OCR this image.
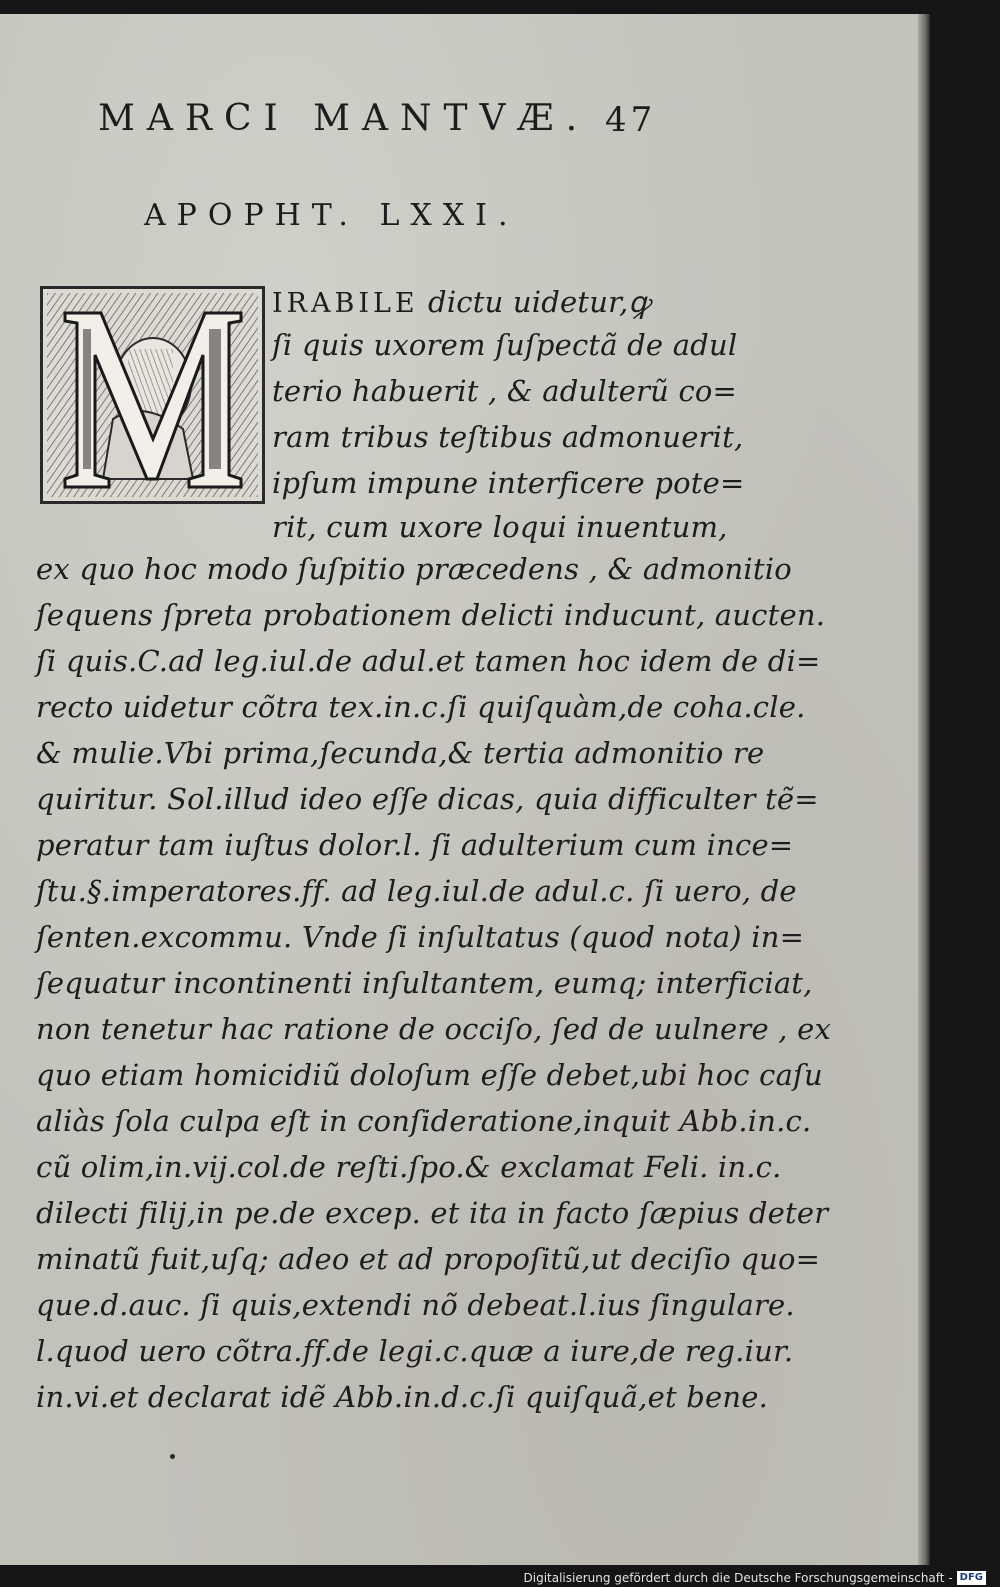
MARCI MANTVÆ. 47
APOPHT. LXXI.
IRABILE dictu uidetur,ꝙ
ſi quis uxorem ſuſpectã de adul
terio habuerit , & adulterũ co=
ram tribus teſtibus admonuerit,
ipſum impune interficere pote=
rit, cum uxore loqui inuentum,
ex quo hoc modo ſuſpitio præcedens , & admonitio
ſequens ſpreta probationem delicti inducunt, aucten.
ſi quis.C.ad leg.iul.de adul.et tamen hoc idem de di=
recto uidetur cõtra tex.in.c.ſi quiſquàm,de coha.cle.
& mulie.Vbi prima,ſecunda,& tertia admonitio re
quiritur. Sol.illud ideo eſſe dicas, quia difficulter tẽ=
peratur tam iuſtus dolor.l. ſi adulterium cum ince=
ſtu.§.imperatores.ff. ad leg.iul.de adul.c. ſi uero, de
ſenten.excommu. Vnde ſi inſultatus (quod nota) in=
ſequatur incontinenti inſultantem, eumq; interficiat,
non tenetur hac ratione de occiſo, ſed de uulnere , ex
quo etiam homicidiũ doloſum eſſe debet,ubi hoc caſu
aliàs ſola culpa eſt in conſideratione,inquit Abb.in.c.
cũ olim,in.vij.col.de reſti.ſpo.& exclamat Feli. in.c.
dilecti filij,in pe.de excep. et ita in facto ſæpius deter
minatũ fuit,uſq; adeo et ad propoſitũ,ut deciſio quo=
que.d.auc. ſi quis,extendi nõ debeat.l.ius ſingulare.
l.quod uero cõtra.ff.de legi.c.quæ a iure,de reg.iur.
in.vi.et declarat idẽ Abb.in.d.c.ſi quiſquã,et bene.
Digitalisierung gefördert durch die Deutsche Forschungsgemeinschaft - DFG
